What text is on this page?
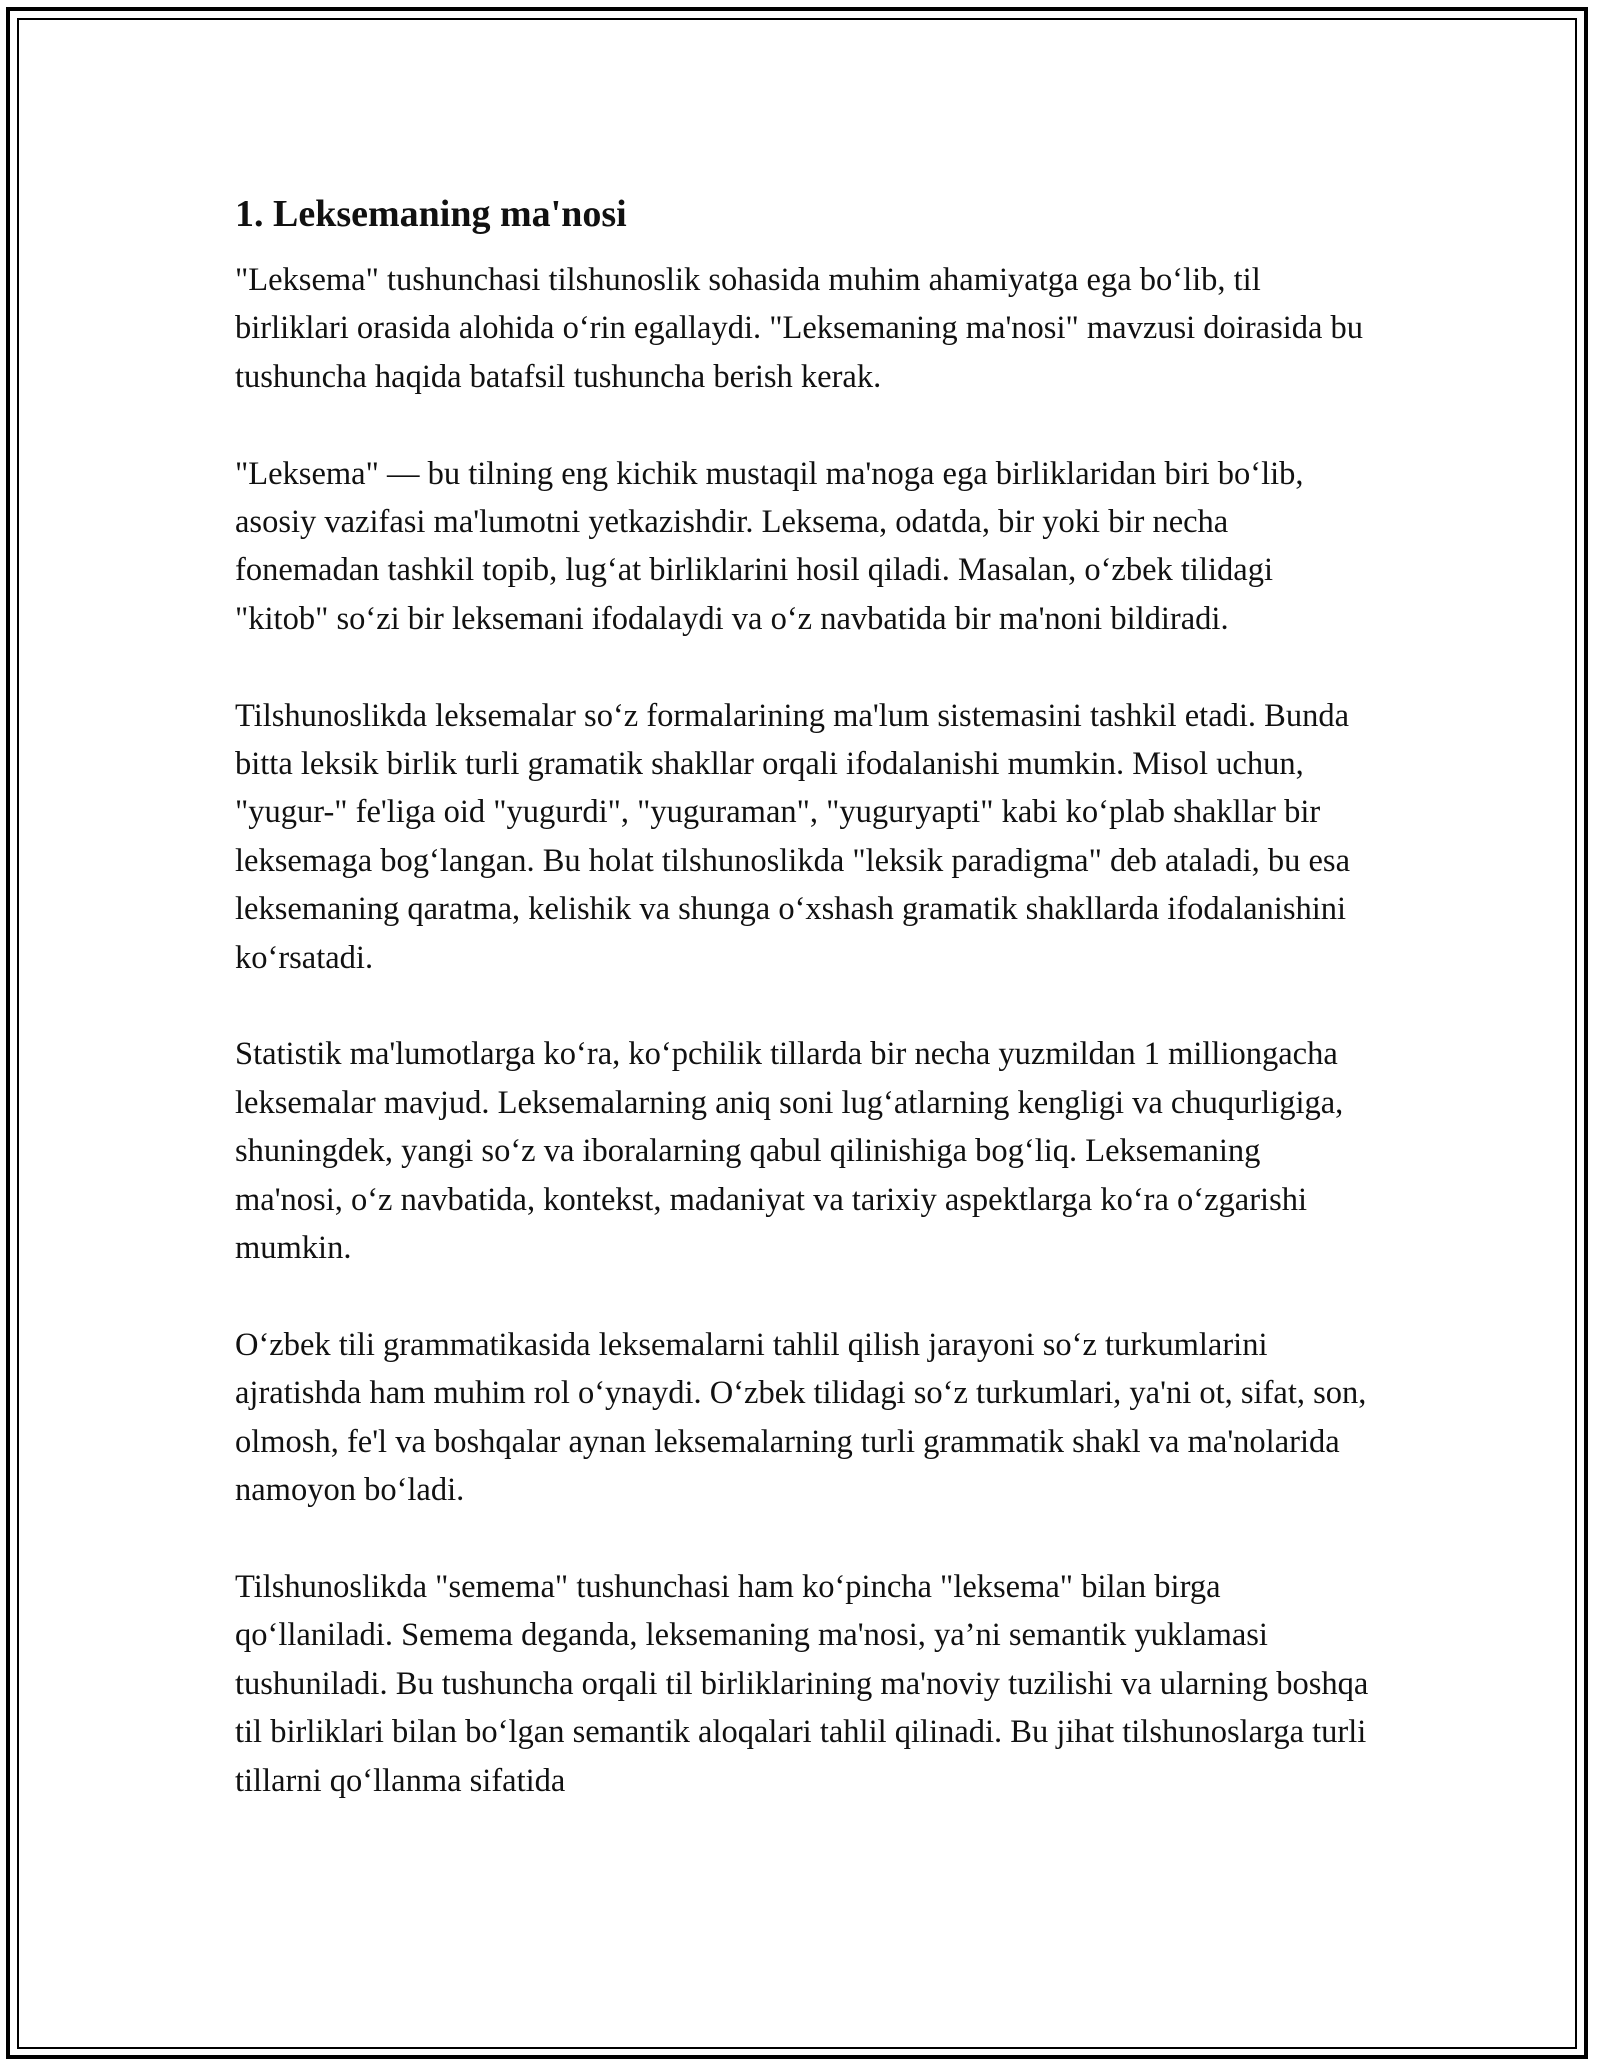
1. Leksemaning ma'nosi

"Leksema" tushunchasi tilshunoslik sohasida muhim ahamiyatga ega bo‘lib, til birliklari orasida alohida o‘rin egallaydi. "Leksemaning ma'nosi" mavzusi doirasida bu tushuncha haqida batafsil tushuncha berish kerak.

"Leksema" — bu tilning eng kichik mustaqil ma'noga ega birliklaridan biri bo‘lib, asosiy vazifasi ma'lumotni yetkazishdir. Leksema, odatda, bir yoki bir necha fonemadan tashkil topib, lug‘at birliklarini hosil qiladi. Masalan, o‘zbek tilidagi "kitob" so‘zi bir leksemani ifodalaydi va o‘z navbatida bir ma'noni bildiradi.

Tilshunoslikda leksemalar so‘z formalarining ma'lum sistemasini tashkil etadi. Bunda bitta leksik birlik turli gramatik shakllar orqali ifodalanishi mumkin. Misol uchun, "yugur-" fe'liga oid "yugurdi", "yuguraman", "yuguryapti" kabi ko‘plab shakllar bir leksemaga bog‘langan. Bu holat tilshunoslikda "leksik paradigma" deb ataladi, bu esa leksemaning qaratma, kelishik va shunga o‘xshash gramatik shakllarda ifodalanishini ko‘rsatadi.

Statistik ma'lumotlarga ko‘ra, ko‘pchilik tillarda bir necha yuzmildan 1 milliongacha leksemalar mavjud. Leksemalarning aniq soni lug‘atlarning kengligi va chuqurligiga, shuningdek, yangi so‘z va iboralarning qabul qilinishiga bog‘liq. Leksemaning ma'nosi, o‘z navbatida, kontekst, madaniyat va tarixiy aspektlarga ko‘ra o‘zgarishi mumkin.

O‘zbek tili grammatikasida leksemalarni tahlil qilish jarayoni so‘z turkumlarini ajratishda ham muhim rol o‘ynaydi. O‘zbek tilidagi so‘z turkumlari, ya'ni ot, sifat, son, olmosh, fe'l va boshqalar aynan leksemalarning turli grammatik shakl va ma'nolarida namoyon bo‘ladi.

Tilshunoslikda "semema" tushunchasi ham ko‘pincha "leksema" bilan birga qo‘llaniladi. Semema deganda, leksemaning ma'nosi, ya’ni semantik yuklamasi tushuniladi. Bu tushuncha orqali til birliklarining ma'noviy tuzilishi va ularning boshqa til birliklari bilan bo‘lgan semantik aloqalari tahlil qilinadi. Bu jihat tilshunoslarga turli tillarni qo‘llanma sifatida
